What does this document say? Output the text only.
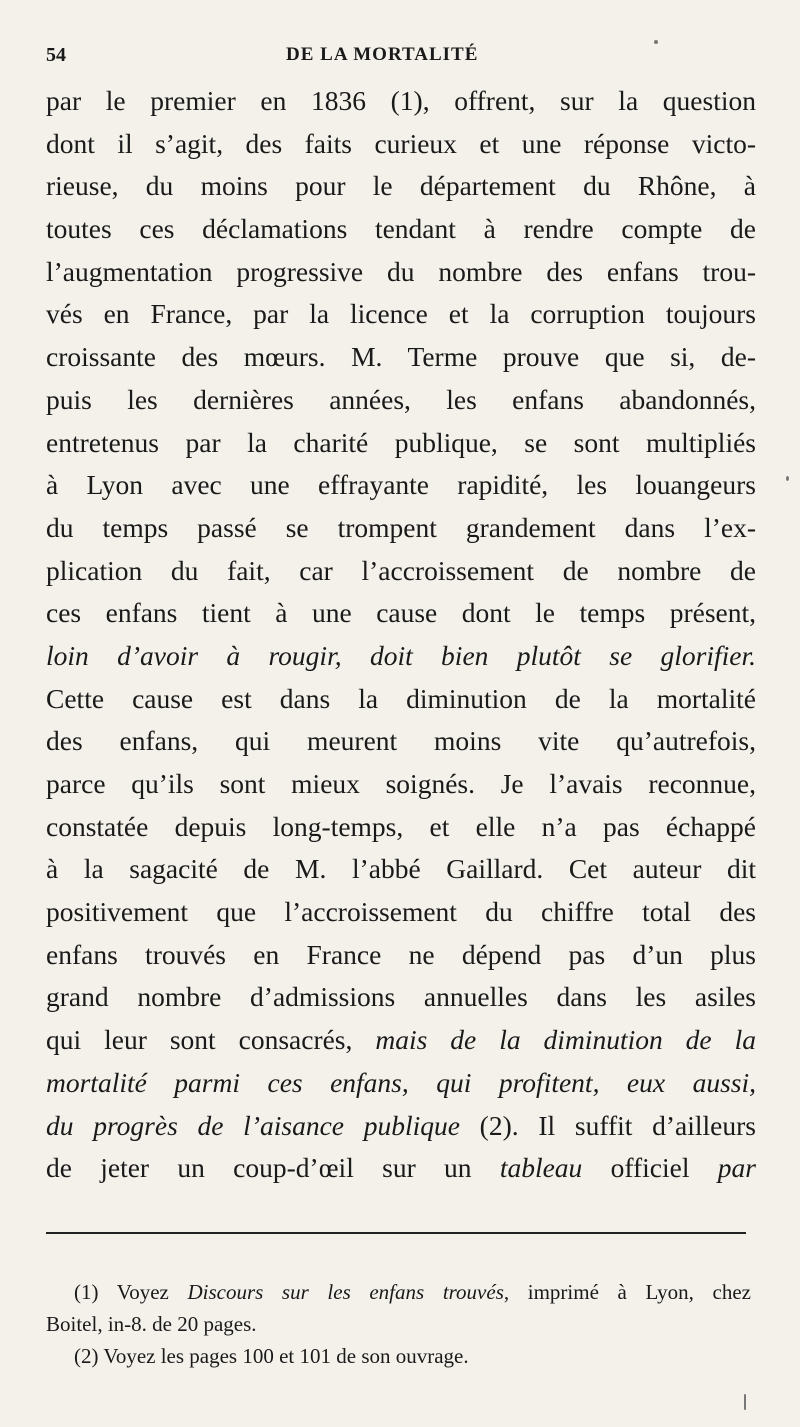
54	DE LA MORTALITÉ
par le premier en 1836 (1), offrent, sur la question
dont il s’agit, des faits curieux et une réponse victo-
rieuse, du moins pour le département du Rhône, à
toutes ces déclamations tendant à rendre compte de
l’augmentation progressive du nombre des enfans trou-
vés en France, par la licence et la corruption toujours
croissante des mœurs. M. Terme prouve que si, de-
puis les dernières années, les enfans abandonnés,
entretenus par la charité publique, se sont multipliés
à Lyon avec une effrayante rapidité, les louangeurs
du temps passé se trompent grandement dans l’ex-
plication du fait, car l’accroissement de nombre de
ces enfans tient à une cause dont le temps présent,
loin d’avoir à rougir, doit bien plutôt se glorifier.
Cette cause est dans la diminution de la mortalité
des enfans, qui meurent moins vite qu’autrefois,
parce qu’ils sont mieux soignés. Je l’avais reconnue,
constatée depuis long-temps, et elle n’a pas échappé
à la sagacité de M. l’abbé Gaillard. Cet auteur dit
positivement que l’accroissement du chiffre total des
enfans trouvés en France ne dépend pas d’un plus
grand nombre d’admissions annuelles dans les asiles
qui leur sont consacrés, mais de la diminution de la
mortalité parmi ces enfans, qui profitent, eux aussi,
du progrès de l’aisance publique (2). Il suffit d’ailleurs
de jeter un coup-d’œil sur un tableau officiel par
(1) Voyez Discours sur les enfans trouvés, imprimé à Lyon, chez
Boitel, in-8. de 20 pages.
(2) Voyez les pages 100 et 101 de son ouvrage.
